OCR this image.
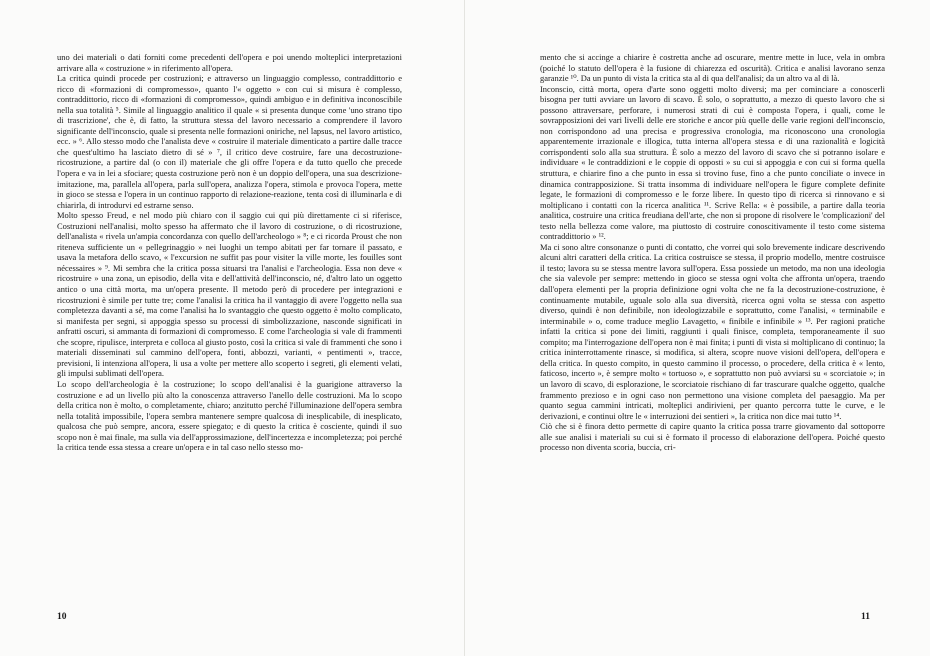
uno dei materiali o dati forniti come precedenti dell'opera e poi unendo molteplici interpretazioni arrivare alla « costruzione » in riferimento all'opera.

La critica quindi procede per costruzioni; e attraverso un linguaggio complesso, contraddittorio e ricco di «formazioni di compromesso», quanto l'« oggetto » con cui si misura è complesso, contraddittorio, ricco di «formazioni di compromesso», quindi ambiguo e in definitiva inconoscibile nella sua totalità ⁵. Simile al linguaggio analitico il quale « si presenta dunque come 'uno strano tipo di trascrizione', che è, di fatto, la struttura stessa del lavoro necessario a comprendere il lavoro significante dell'inconscio, quale si presenta nelle formazioni oniriche, nel lapsus, nel lavoro artistico, ecc. » ⁶. Allo stesso modo che l'analista deve « costruire il materiale dimenticato a partire dalle tracce che quest'ultimo ha lasciato dietro di sé » ⁷, il critico deve costruire, fare una decostruzione-ricostruzione, a partire dal (o con il) materiale che gli offre l'opera e da tutto quello che precede l'opera e va in lei a sfociare; questa costruzione però non è un doppio dell'opera, una sua descrizione-imitazione, ma, parallela all'opera, parla sull'opera, analizza l'opera, stimola e provoca l'opera, mette in gioco se stessa e l'opera in un continuo rapporto di relazione-reazione, tenta così di illuminarla e di chiarirla, di introdurvi ed estrarne senso.

Molto spesso Freud, e nel modo più chiaro con il saggio cui qui più direttamente ci si riferisce, Costruzioni nell'analisi, molto spesso ha affermato che il lavoro di costruzione, o di ricostruzione, dell'analista « rivela un'ampia concordanza con quello dell'archeologo » ⁸; e ci ricorda Proust che non riteneva sufficiente un « pellegrinaggio » nei luoghi un tempo abitati per far tornare il passato, e usava la metafora dello scavo, « l'excursion ne suffit pas pour visiter la ville morte, les fouilles sont nécessaires » ⁹. Mi sembra che la critica possa situarsi tra l'analisi e l'archeologia. Essa non deve « ricostruire » una zona, un episodio, della vita e dell'attività dell'inconscio, né, d'altro lato un oggetto antico o una città morta, ma un'opera presente. Il metodo però di procedere per integrazioni e ricostruzioni è simile per tutte tre; come l'analisi la critica ha il vantaggio di avere l'oggetto nella sua completezza davanti a sé, ma come l'analisi ha lo svantaggio che questo oggetto è molto complicato, si manifesta per segni, si appoggia spesso su processi di simbolizzazione, nasconde significati in anfratti oscuri, si ammanta di formazioni di compromesso. E come l'archeologia si vale di frammenti che scopre, ripulisce, interpreta e colloca al giusto posto, così la critica si vale di frammenti che sono i materiali disseminati sul cammino dell'opera, fonti, abbozzi, varianti, « pentimenti », tracce, previsioni, lì intenziona all'opera, li usa a volte per mettere allo scoperto i segreti, gli elementi velati, gli impulsi sublimati dell'opera.

Lo scopo dell'archeologia è la costruzione; lo scopo dell'analisi è la guarigione attraverso la costruzione e ad un livello più alto la conoscenza attraverso l'anello delle costruzioni. Ma lo scopo della critica non è molto, o completamente, chiaro; anzitutto perché l'illuminazione dell'opera sembra nella totalità impossibile, l'opera sembra mantenere sempre qualcosa di inesplicabile, di inesplicato, qualcosa che può sempre, ancora, essere spiegato; e di questo la critica è cosciente, quindi il suo scopo non è mai finale, ma sulla via dell'approssimazione, dell'incertezza e incompletezza; poi perché la critica tende essa stessa a creare un'opera e in tal caso nello stesso mo-

10

mento che si accinge a chiarire è costretta anche ad oscurare, mentre mette in luce, vela in ombra (poiché lo statuto dell'opera è la fusione di chiarezza ed oscurità). Critica e analisi lavorano senza garanzie ¹⁰. Da un punto di vista la critica sta al di qua dell'analisi; da un altro va al di là.

Inconscio, città morta, opera d'arte sono oggetti molto diversi; ma per cominciare a conoscerli bisogna per tutti avviare un lavoro di scavo. È solo, o soprattutto, a mezzo di questo lavoro che si possono attraversare, perforare, i numerosi strati di cui è composta l'opera, i quali, come le sovrapposizioni dei vari livelli delle ere storiche e ancor più quelle delle varie regioni dell'inconscio, non corrispondono ad una precisa e progressiva cronologia, ma riconoscono una cronologia apparentemente irrazionale e illogica, tutta interna all'opera stessa e di una razionalità e logicità corrispondenti solo alla sua struttura. È solo a mezzo del lavoro di scavo che si potranno isolare e individuare « le contraddizioni e le coppie di opposti » su cui si appoggia e con cui si forma quella struttura, e chiarire fino a che punto in essa si trovino fuse, fino a che punto conciliate o invece in dinamica contrapposizione. Si tratta insomma di individuare nell'opera le figure complete definite legate, le formazioni di compromesso e le forze libere. In questo tipo di ricerca si rinnovano e si moltiplicano i contatti con la ricerca analitica ¹¹. Scrive Rella: « è possibile, a partire dalla teoria analitica, costruire una critica freudiana dell'arte, che non si propone di risolvere le 'complicazioni' del testo nella bellezza come valore, ma piuttosto di costruire conoscitivamente il testo come sistema contraddittorio » ¹².

Ma ci sono altre consonanze o punti di contatto, che vorrei qui solo brevemente indicare descrivendo alcuni altri caratteri della critica. La critica costruisce se stessa, il proprio modello, mentre costruisce il testo; lavora su se stessa mentre lavora sull'opera. Essa possiede un metodo, ma non una ideologia che sia valevole per sempre: mettendo in gioco se stessa ogni volta che affronta un'opera, traendo dall'opera elementi per la propria definizione ogni volta che ne fa la decostruzione-costruzione, è continuamente mutabile, uguale solo alla sua diversità, ricerca ogni volta se stessa con aspetto diverso, quindi è non definibile, non ideologizzabile e soprattutto, come l'analisi, « terminabile e interminabile » o, come traduce meglio Lavagetto, « finibile e infinibile » ¹³. Per ragioni pratiche infatti la critica si pone dei limiti, raggiunti i quali finisce, completa, temporaneamente il suo compito; ma l'interrogazione dell'opera non è mai finita; i punti di vista si moltiplicano di continuo; la critica ininterrottamente rinasce, si modifica, si altera, scopre nuove visioni dell'opera, dell'opera e della critica. In questo compito, in questo cammino il processo, o procedere, della critica è « lento, faticoso, incerto », è sempre molto « tortuoso », e soprattutto non può avviarsi su « scorciatoie »; in un lavoro di scavo, di esplorazione, le scorciatoie rischiano di far trascurare qualche oggetto, qualche frammento prezioso e in ogni caso non permettono una visione completa del paesaggio. Ma per quanto segua cammini intricati, molteplici andirivieni, per quanto percorra tutte le curve, e le derivazioni, e continui oltre le « interruzioni dei sentieri », la critica non dice mai tutto ¹⁴.

Ciò che si è finora detto permette di capire quanto la critica possa trarre giovamento dal sottoporre alle sue analisi i materiali su cui si è formato il processo di elaborazione dell'opera. Poiché questo processo non diventa scoria, buccia, cri-

11
